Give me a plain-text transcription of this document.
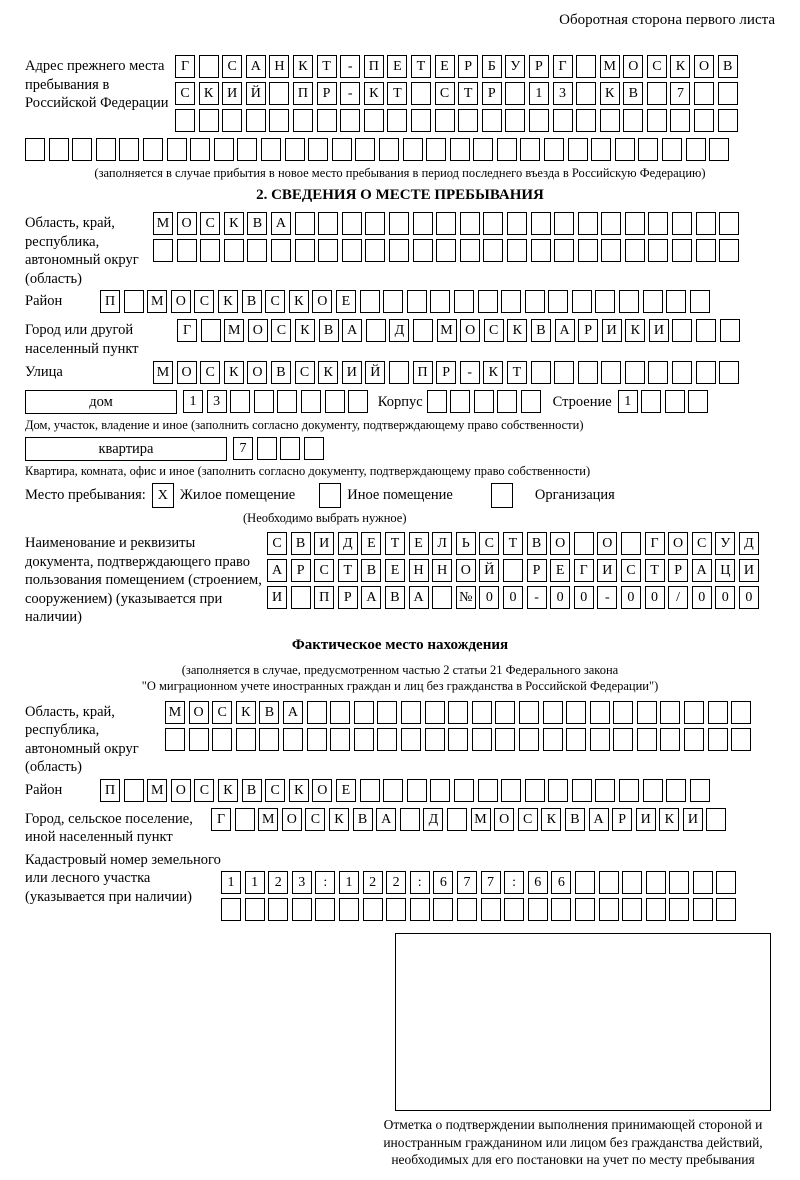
Оборотная сторона первого листа
Адрес прежнего места пребывания в Российской Федерации
Г	С А Н К	Т	-	П	Е	Т	Е	Р	Б	У	Р	Г	М О С	К О В
С	К И Й	П	Р	-	К	Т	С	Т	Р	1	3	К	В	7
(заполняется в случае прибытия в новое место пребывания в период последнего въезда в Российскую Федерацию)
2. СВЕДЕНИЯ О МЕСТЕ ПРЕБЫВАНИЯ
Область, край, республика, автономный округ (область)
М О С	К	В А
Район	П	М О С	К	В	С	К О	Е
Город или другой населенный пункт
Г	М О С	К	В А	Д	М О С	К	В А	Р	И К И
Улица	М О С	К О В	С	К И Й	П	Р	-	К	Т
дом	1	3	Корпус	Строение 1
Дом, участок, владение и иное (заполнить согласно документу, подтверждающему право собственности)
квартира	7
Квартира, комната, офис и иное (заполнить согласно документу, подтверждающему право собственности)
Место пребывания: X Жилое помещение	Иное помещение	Организация
(Необходимо выбрать нужное)
Наименование и реквизиты документа, подтверждающего право пользования помещением (строением, сооружением) (указывается при наличии)
С	В И Д	Е	Т	Е	Л	Ь	С	Т	В О	О	Г	О С У Д
А	Р	С	Т	В	Е	Н Н О Й	Р	Е	Г	И С	Т	Р	А Ц И
И	П	Р	А В А	№ 0	0	-	0	0	-	0	0	/	0	0	0
Фактическое место нахождения
(заполняется в случае, предусмотренном частью 2 статьи 21 Федерального закона
"О миграционном учете иностранных граждан и лиц без гражданства в Российской Федерации")
Область, край, республика, автономный округ (область)
М О С	К	В А
Район	П	М О С	К	В	С	К О	Е
Город, сельское поселение, иной населенный пункт
Г	М О С	К	В А	Д	М О С	К	В А	Р	И К И
Кадастровый номер земельного или лесного участка (указывается при наличии)
1	1	2	3	:	1	2	2	:	6	7	7	:	6	6
Отметка о подтверждении выполнения принимающей стороной и иностранным гражданином или лицом без гражданства действий, необходимых для его постановки на учет по месту пребывания
